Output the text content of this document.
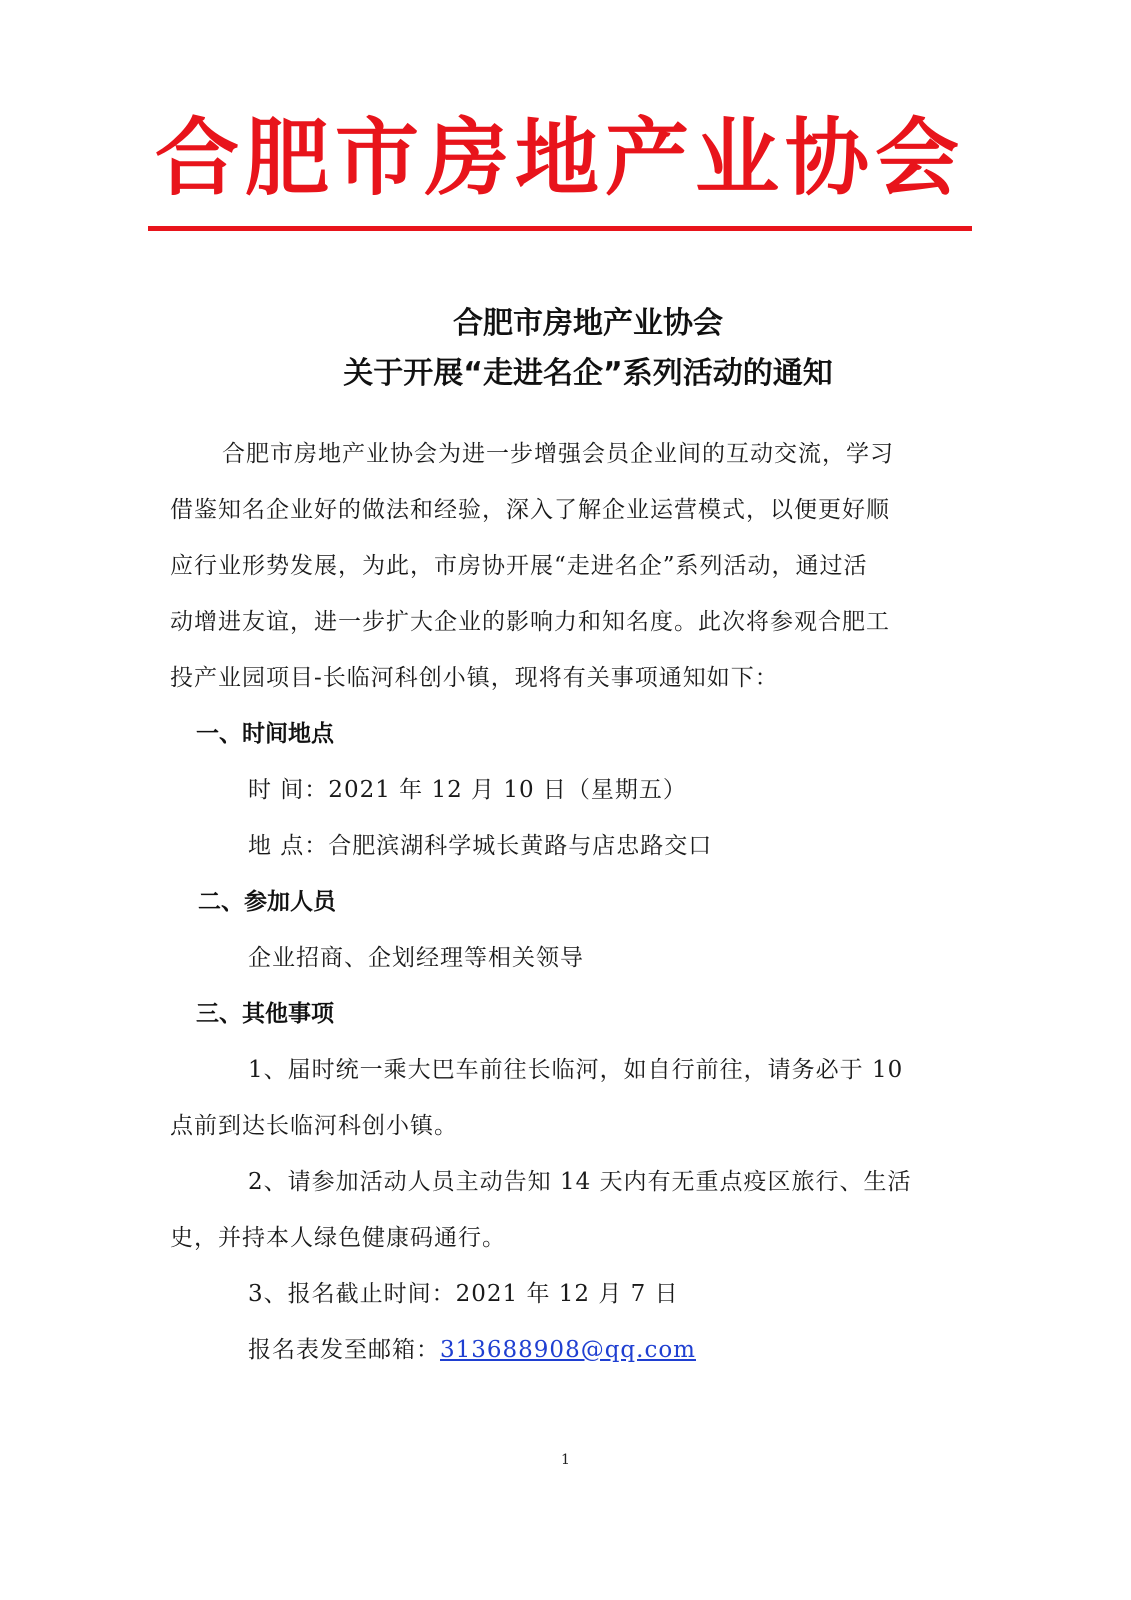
合肥市房地产业协会
合肥市房地产业协会
关于开展“走进名企”系列活动的通知
合肥市房地产业协会为进一步增强会员企业间的互动交流，学习
借鉴知名企业好的做法和经验，深入了解企业运营模式，以便更好顺
应行业形势发展，为此，市房协开展“走进名企”系列活动，通过活
动增进友谊，进一步扩大企业的影响力和知名度。此次将参观合肥工
投产业园项目-长临河科创小镇，现将有关事项通知如下：
一、时间地点
时 间：2021 年 12 月 10 日（星期五）
地 点：合肥滨湖科学城长黄路与店忠路交口
二、参加人员
企业招商、企划经理等相关领导
三、其他事项
1、届时统一乘大巴车前往长临河，如自行前往，请务必于 10
点前到达长临河科创小镇。
2、请参加活动人员主动告知 14 天内有无重点疫区旅行、生活
史，并持本人绿色健康码通行。
3、报名截止时间：2021 年 12 月 7 日
报名表发至邮箱：313688908@qq.com
1
